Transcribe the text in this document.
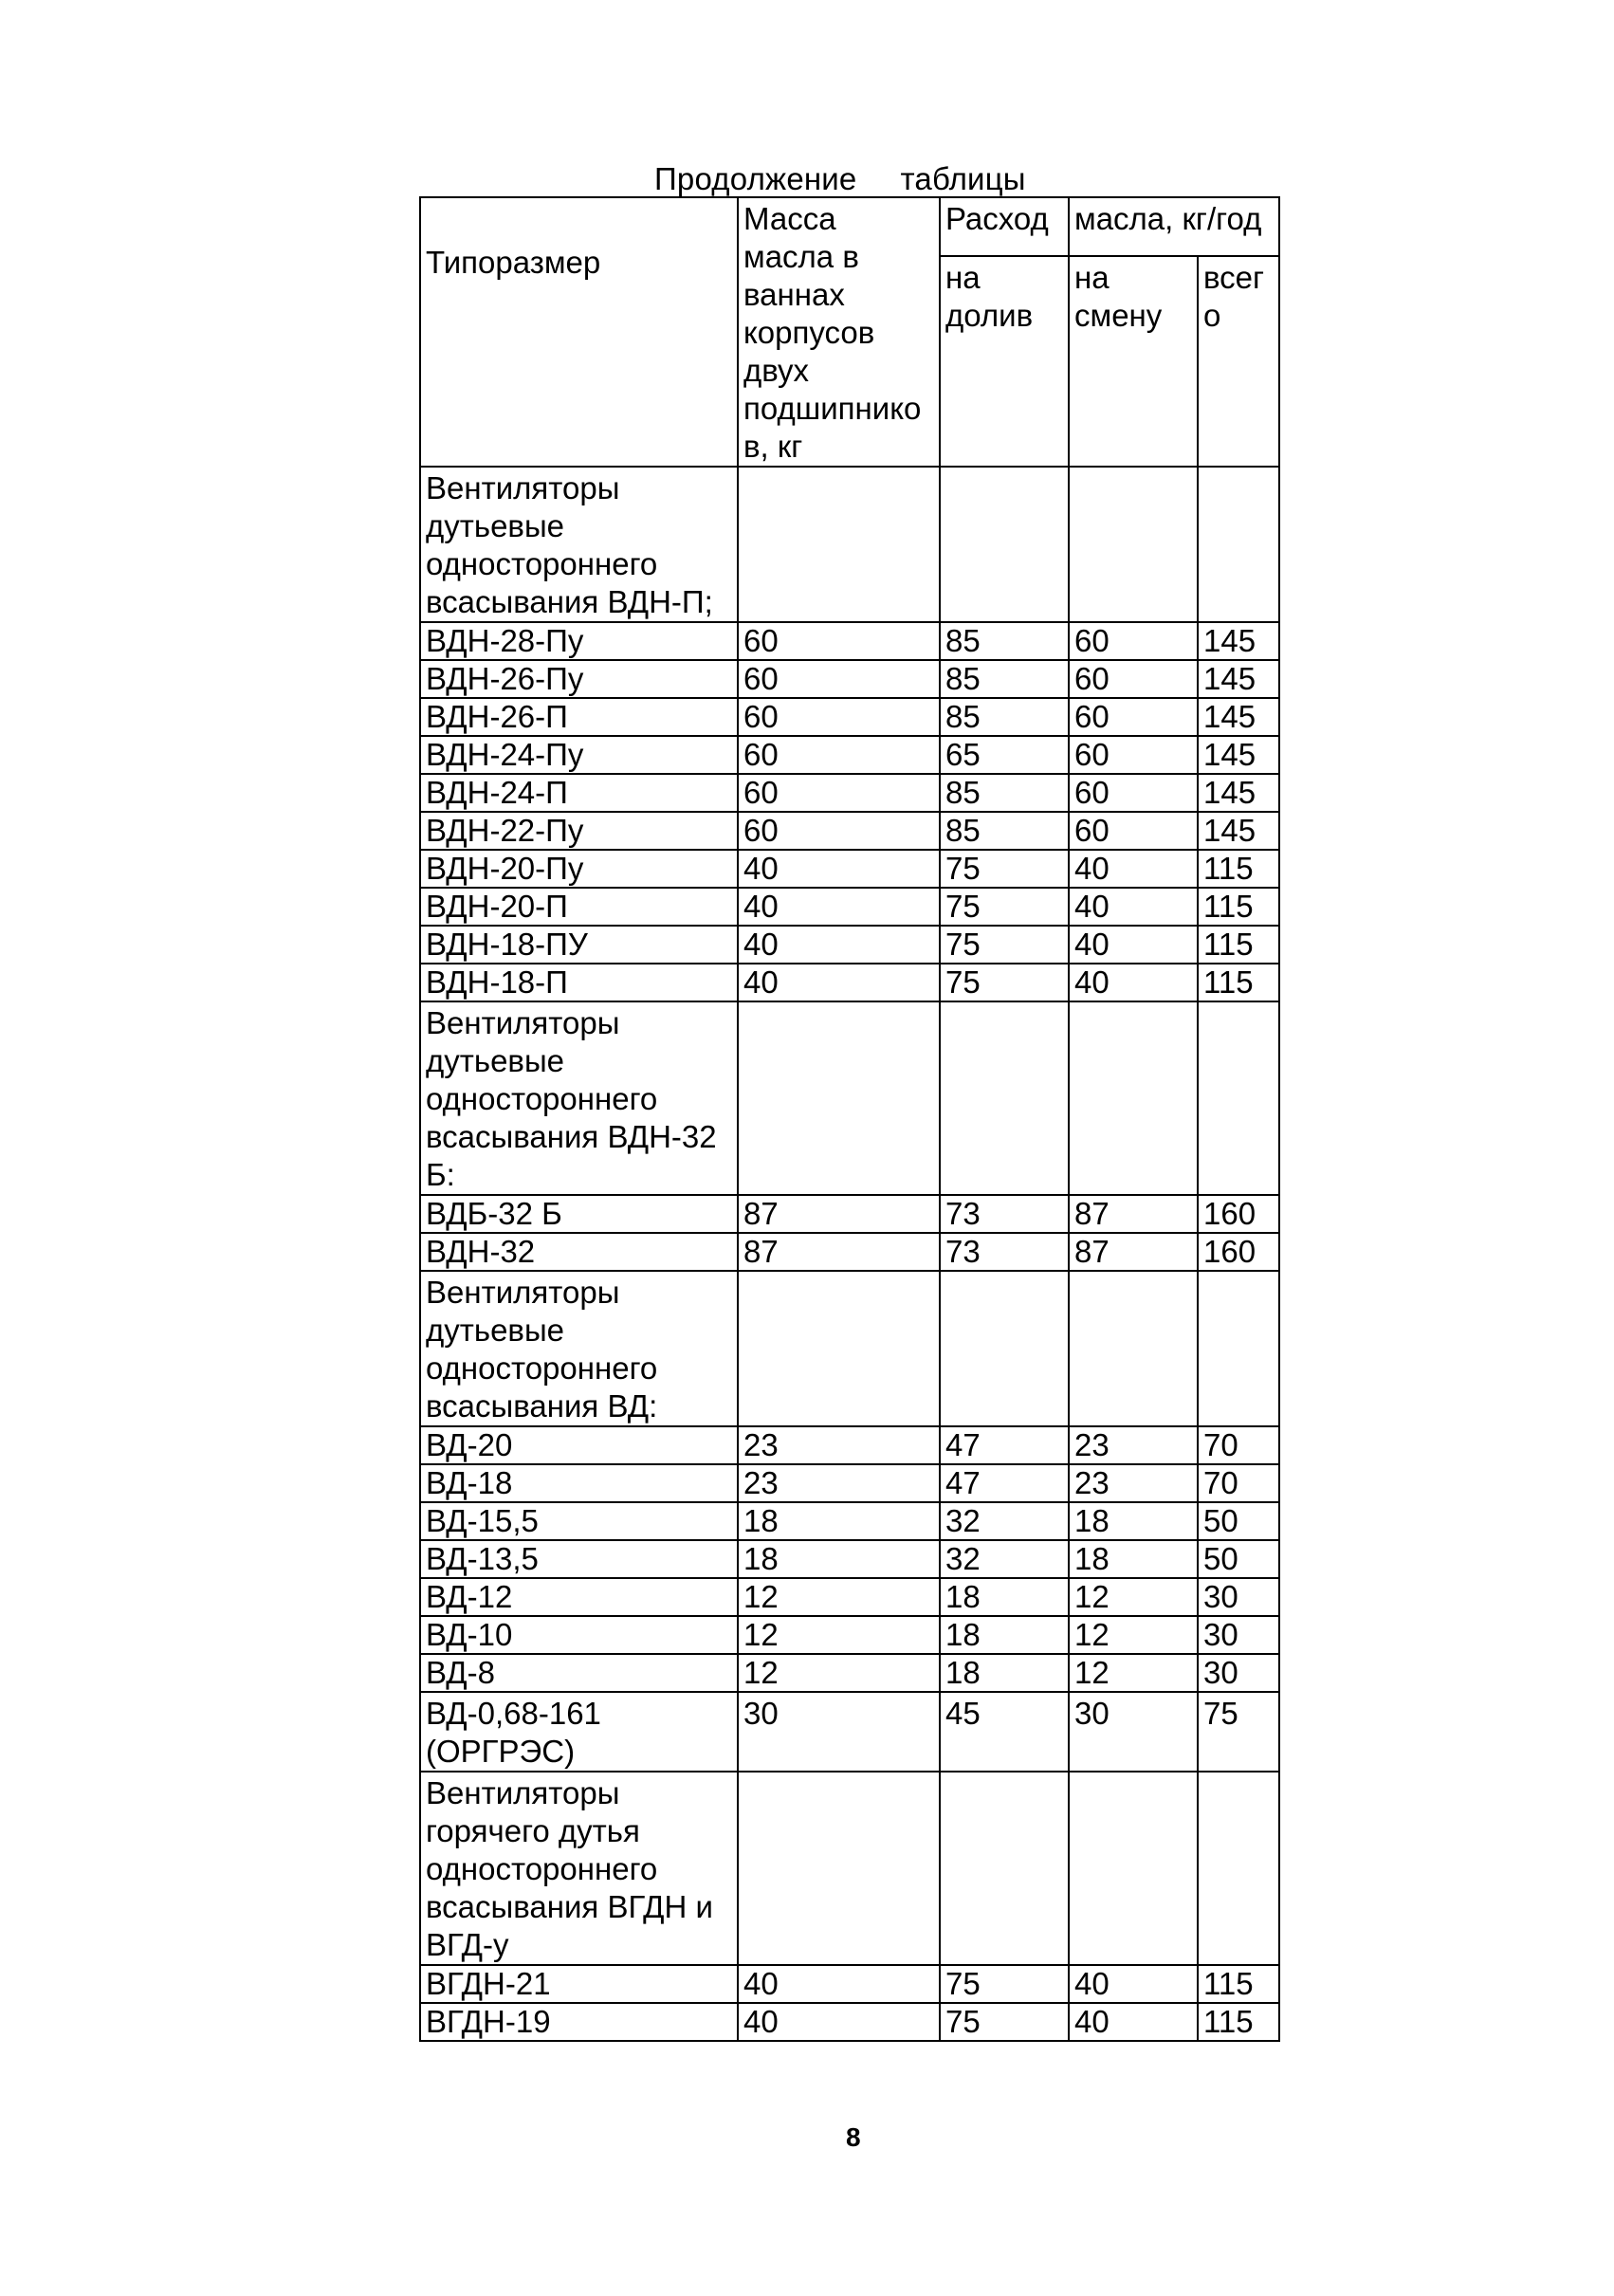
Продолжение таблицы
Типоразмер	Масса масла в ваннах корпусов двух подшипнико в, кг	Расход	масла, кг/год	
		на долив	на смену	всег о
Вентиляторы дутьевые одностороннего всасывания ВДН-П;				
ВДН-28-Пу	60	85	60	145
ВДН-26-Пу	60	85	60	145
ВДН-26-П	60	85	60	145
ВДН-24-Пу	60	65	60	145
ВДН-24-П	60	85	60	145
ВДН-22-Пу	60	85	60	145
ВДН-20-Пу	40	75	40	115
ВДН-20-П	40	75	40	115
ВДН-18-ПУ	40	75	40	115
ВДН-18-П	40	75	40	115
Вентиляторы дутьевые одностороннего всасывания ВДН-32 Б:				
ВДБ-32 Б	87	73	87	160
ВДН-32	87	73	87	160
Вентиляторы дутьевые одностороннего всасывания ВД:				
ВД-20	23	47	23	70
ВД-18	23	47	23	70
ВД-15,5	18	32	18	50
ВД-13,5	18	32	18	50
ВД-12	12	18	12	30
ВД-10	12	18	12	30
ВД-8	12	18	12	30
ВД-0,68-161 (ОРГРЭС)	30	45	30	75
Вентиляторы горячего дутья одностороннего всасывания ВГДН и ВГД-у				
ВГДН-21	40	75	40	115
ВГДН-19	40	75	40	115
8
